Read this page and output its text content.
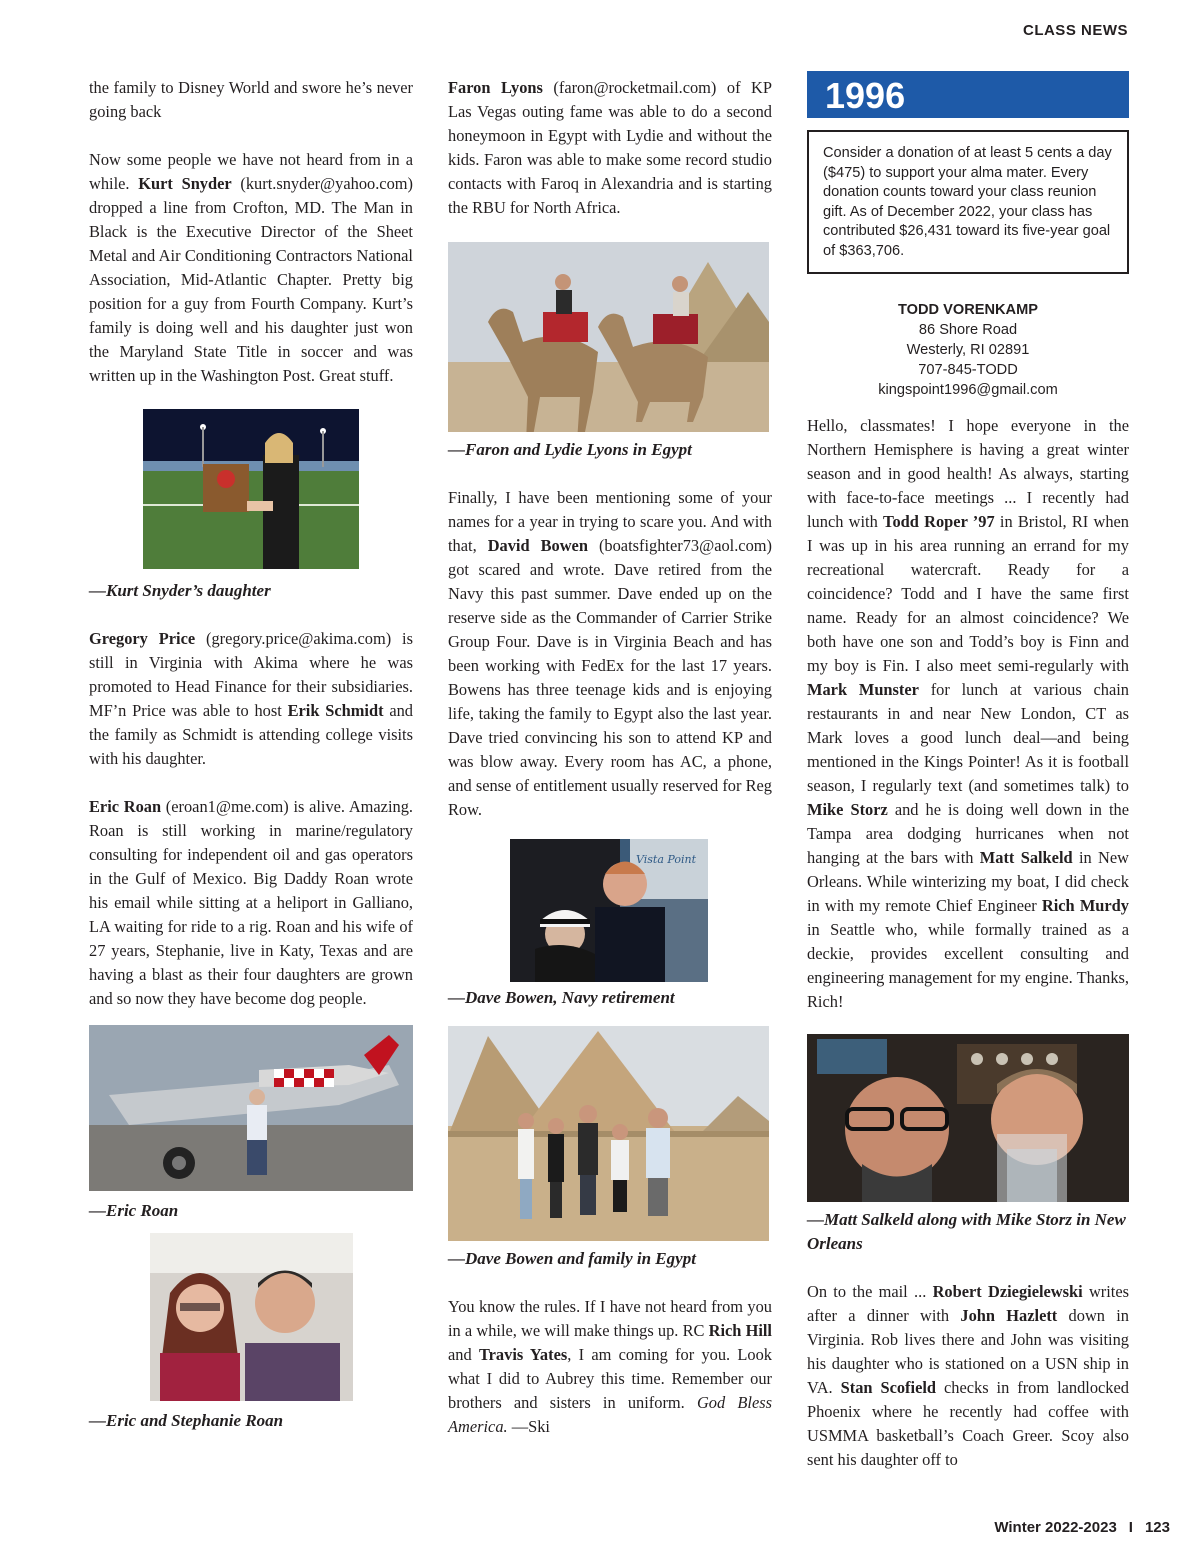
CLASS NEWS

the family to Disney World and swore he’s never going back

Now some people we have not heard from in a while. Kurt Snyder (kurt.snyder@yahoo.com) dropped a line from Crofton, MD. The Man in Black is the Executive Director of the Sheet Metal and Air Conditioning Contractors National Association, Mid-Atlantic Chapter. Pretty big position for a guy from Fourth Company. Kurt’s family is doing well and his daughter just won the Maryland State Title in soccer and was written up in the Washington Post. Great stuff.

—Kurt Snyder’s daughter

Gregory Price (gregory.price@akima.com) is still in Virginia with Akima where he was promoted to Head Finance for their subsidiaries. MF’n Price was able to host Erik Schmidt and the family as Schmidt is attending college visits with his daughter.

Eric Roan (eroan1@me.com) is alive. Amazing. Roan is still working in marine/regulatory consulting for independent oil and gas operators in the Gulf of Mexico. Big Daddy Roan wrote his email while sitting at a heliport in Galliano, LA waiting for ride to a rig. Roan and his wife of 27 years, Stephanie, live in Katy, Texas and are having a blast as their four daughters are grown and so now they have become dog people.

—Eric Roan

—Eric and Stephanie Roan

Faron Lyons (faron@rocketmail.com) of KP Las Vegas outing fame was able to do a second honeymoon in Egypt with Lydie and without the kids. Faron was able to make some record studio contacts with Faroq in Alexandria and is starting the RBU for North Africa.

—Faron and Lydie Lyons in Egypt

Finally, I have been mentioning some of your names for a year in trying to scare you. And with that, David Bowen (boatsfighter73@aol.com) got scared and wrote. Dave retired from the Navy this past summer. Dave ended up on the reserve side as the Commander of Carrier Strike Group Four. Dave is in Virginia Beach and has been working with FedEx for the last 17 years. Bowens has three teenage kids and is enjoying life, taking the family to Egypt also the last year. Dave tried convincing his son to attend KP and was blow away. Every room has AC, a phone, and sense of entitlement usually reserved for Reg Row.

Vista Point

—Dave Bowen, Navy retirement

—Dave Bowen and family in Egypt

You know the rules. If I have not heard from you in a while, we will make things up. RC Rich Hill and Travis Yates, I am coming for you. Look what I did to Aubrey this time. Remember our brothers and sisters in uniform. God Bless America. —Ski

1996
Consider a donation of at least 5 cents a day ($475) to support your alma mater. Every donation counts toward your class reunion gift. As of December 2022, your class has contributed $26,431 toward its five-year goal of $363,706.
TODD VORENKAMP
86 Shore Road
Westerly, RI 02891
707-845-TODD
kingspoint1996@gmail.com

Hello, classmates! I hope everyone in the Northern Hemisphere is having a great winter season and in good health! As always, starting with face-to-face meetings ... I recently had lunch with Todd Roper ’97 in Bristol, RI when I was up in his area running an errand for my recreational watercraft. Ready for a coincidence? Todd and I have the same first name. Ready for an almost coincidence? We both have one son and Todd’s boy is Finn and my boy is Fin. I also meet semi-regularly with Mark Munster for lunch at various chain restaurants in and near New London, CT as Mark loves a good lunch deal—and being mentioned in the Kings Pointer! As it is football season, I regularly text (and sometimes talk) to Mike Storz and he is doing well down in the Tampa area dodging hurricanes when not hanging at the bars with Matt Salkeld in New Orleans. While winterizing my boat, I did check in with my remote Chief Engineer Rich Murdy in Seattle who, while formally trained as a deckie, provides excellent consulting and engineering management for my engine. Thanks, Rich!

—Matt Salkeld along with Mike Storz in New Orleans

On to the mail ... Robert Dziegielewski writes after a dinner with John Hazlett down in Virginia. Rob lives there and John was visiting his daughter who is stationed on a USN ship in VA. Stan Scofield checks in from landlocked Phoenix where he recently had coffee with USMMA basketball’s Coach Greer. Scoy also sent his daughter off to

Winter 2022-2023 I 123
